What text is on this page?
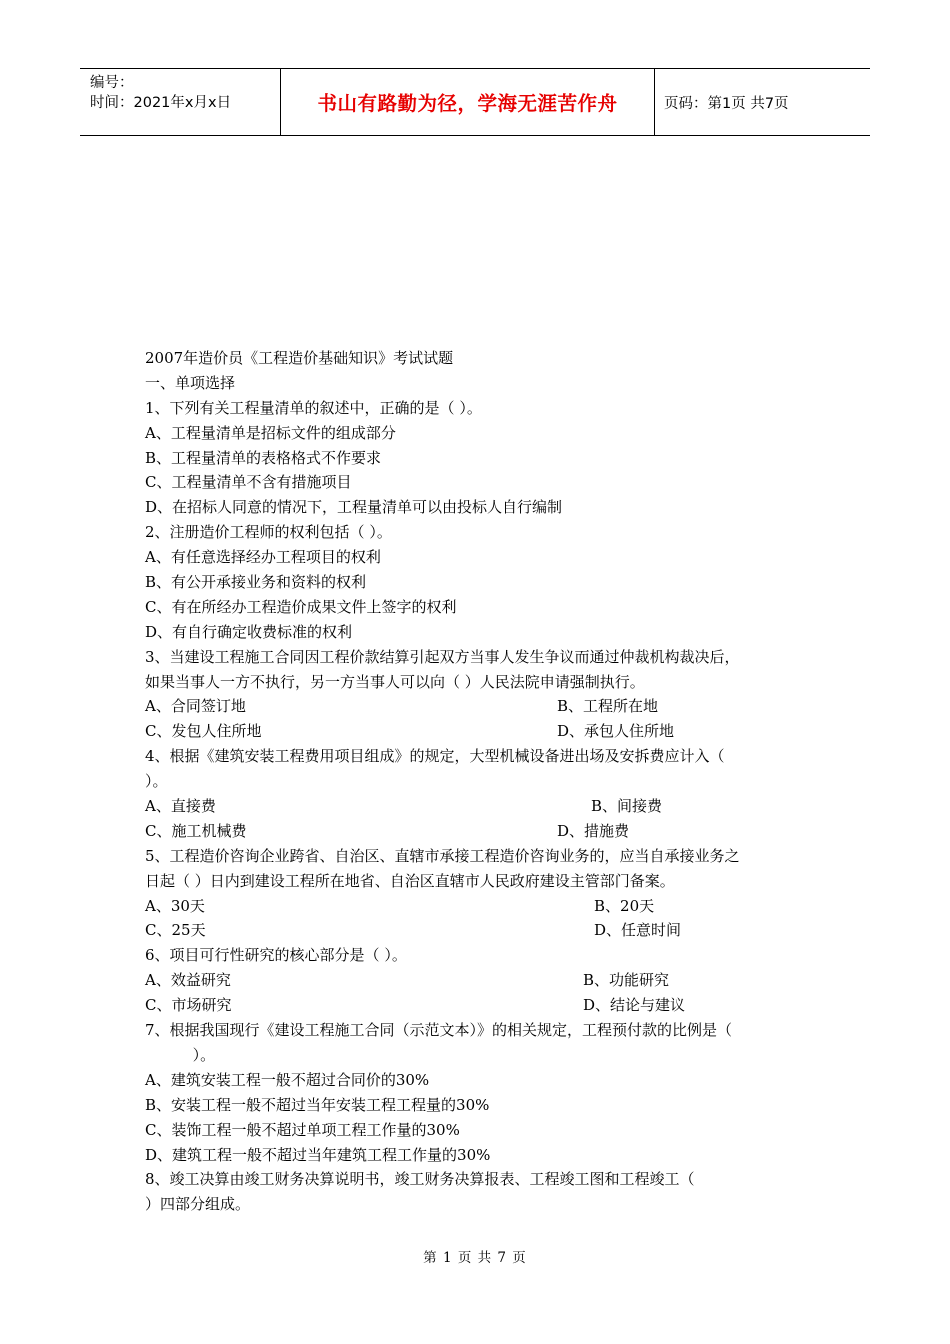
编号：
时间：2021年x月x日	书山有路勤为径，学海无涯苦作舟	页码：第1页 共7页
2007年造价员《工程造价基础知识》考试试题
一、单项选择
1、下列有关工程量清单的叙述中，正确的是（ ）。
A、工程量清单是招标文件的组成部分
B、工程量清单的表格格式不作要求
C、工程量清单不含有措施项目
D、在招标人同意的情况下，工程量清单可以由投标人自行编制
2、注册造价工程师的权利包括（ ）。
A、有任意选择经办工程项目的权利
B、有公开承接业务和资料的权利
C、有在所经办工程造价成果文件上签字的权利
D、有自行确定收费标准的权利
3、当建设工程施工合同因工程价款结算引起双方当事人发生争议而通过仲裁机构裁决后，
如果当事人一方不执行，另一方当事人可以向（ ）人民法院申请强制执行。
A、合同签订地	B、工程所在地
C、发包人住所地	D、承包人住所地
4、根据《建筑安装工程费用项目组成》的规定，大型机械设备进出场及安拆费应计入（
）。
A、直接费	B、间接费
C、施工机械费	D、措施费
5、工程造价咨询企业跨省、自治区、直辖市承接工程造价咨询业务的，应当自承接业务之
日起（ ）日内到建设工程所在地省、自治区直辖市人民政府建设主管部门备案。
A、30天	B、20天
C、25天	D、任意时间
6、项目可行性研究的核心部分是（ ）。
A、效益研究	B、功能研究
C、市场研究	D、结论与建议
7、根据我国现行《建设工程施工合同（示范文本）》的相关规定，工程预付款的比例是（
）。
A、建筑安装工程一般不超过合同价的30%
B、安装工程一般不超过当年安装工程工程量的30%
C、装饰工程一般不超过单项工程工作量的30%
D、建筑工程一般不超过当年建筑工程工作量的30%
8、竣工决算由竣工财务决算说明书，竣工财务决算报表、工程竣工图和工程竣工（
）四部分组成。
第 1 页 共 7 页
